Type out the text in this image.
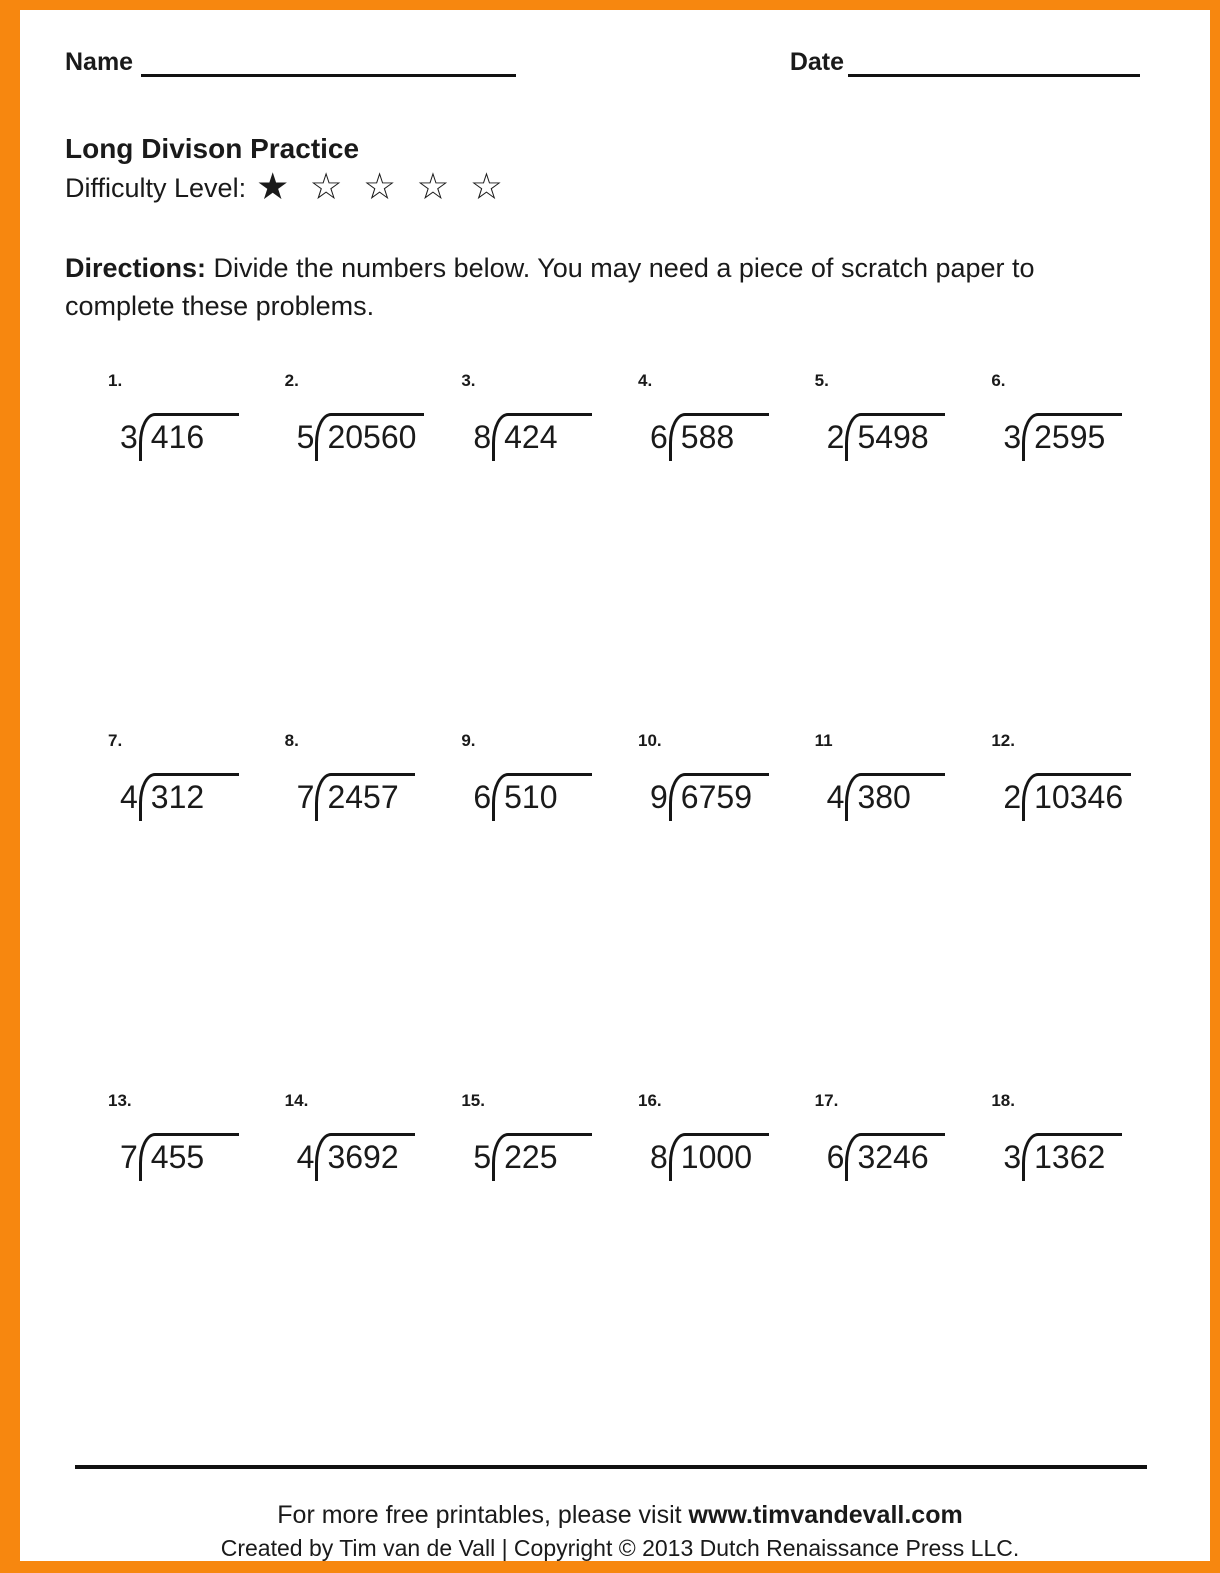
Name	Date
Long Divison Practice
Difficulty Level: ★ ☆ ☆ ☆ ☆
Directions: Divide the numbers below. You may need a piece of scratch paper to
complete these problems.
1.
3 416
2.
5 20560
3.
8 424
4.
6 588
5.
2 5498
6.
3 2595
7.
4 312
8.
7 2457
9.
6 510
10.
9 6759
11
4 380
12.
2 10346
13.
7 455
14.
4 3692
15.
5 225
16.
8 1000
17.
6 3246
18.
3 1362
For more free printables, please visit www.timvandevall.com
Created by Tim van de Vall | Copyright © 2013 Dutch Renaissance Press LLC.
